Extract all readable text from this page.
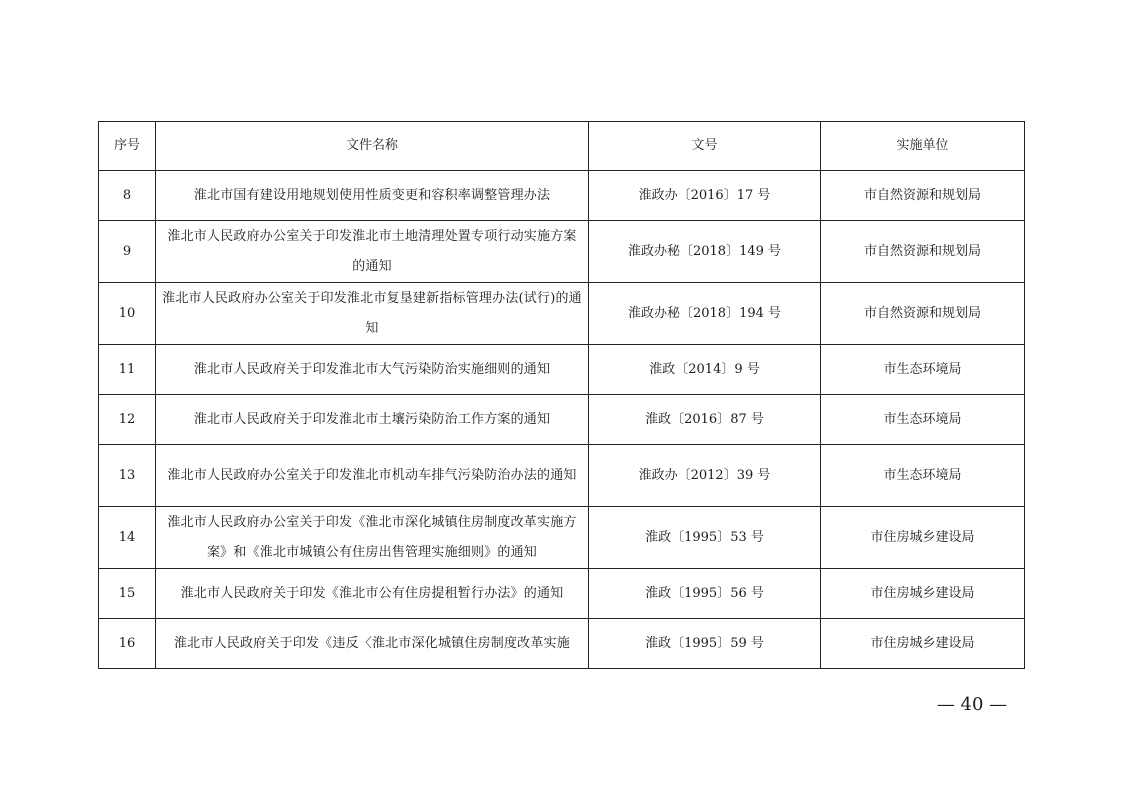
序号	文件名称	文号	实施单位
8	淮北市国有建设用地规划使用性质变更和容积率调整管理办法	淮政办〔2016〕17 号	市自然资源和规划局
9	淮北市人民政府办公室关于印发淮北市土地清理处置专项行动实施方案的通知	淮政办秘〔2018〕149 号	市自然资源和规划局
10	淮北市人民政府办公室关于印发淮北市复垦建新指标管理办法(试行)的通知	淮政办秘〔2018〕194 号	市自然资源和规划局
11	淮北市人民政府关于印发淮北市大气污染防治实施细则的通知	淮政〔2014〕9 号	市生态环境局
12	淮北市人民政府关于印发淮北市土壤污染防治工作方案的通知	淮政〔2016〕87 号	市生态环境局
13	淮北市人民政府办公室关于印发淮北市机动车排气污染防治办法的通知	淮政办〔2012〕39 号	市生态环境局
14	淮北市人民政府办公室关于印发《淮北市深化城镇住房制度改革实施方案》和《淮北市城镇公有住房出售管理实施细则》的通知	淮政〔1995〕53 号	市住房城乡建设局
15	淮北市人民政府关于印发《淮北市公有住房提租暂行办法》的通知	淮政〔1995〕56 号	市住房城乡建设局
16	淮北市人民政府关于印发《违反〈淮北市深化城镇住房制度改革实施	淮政〔1995〕59 号	市住房城乡建设局
— 40 —
